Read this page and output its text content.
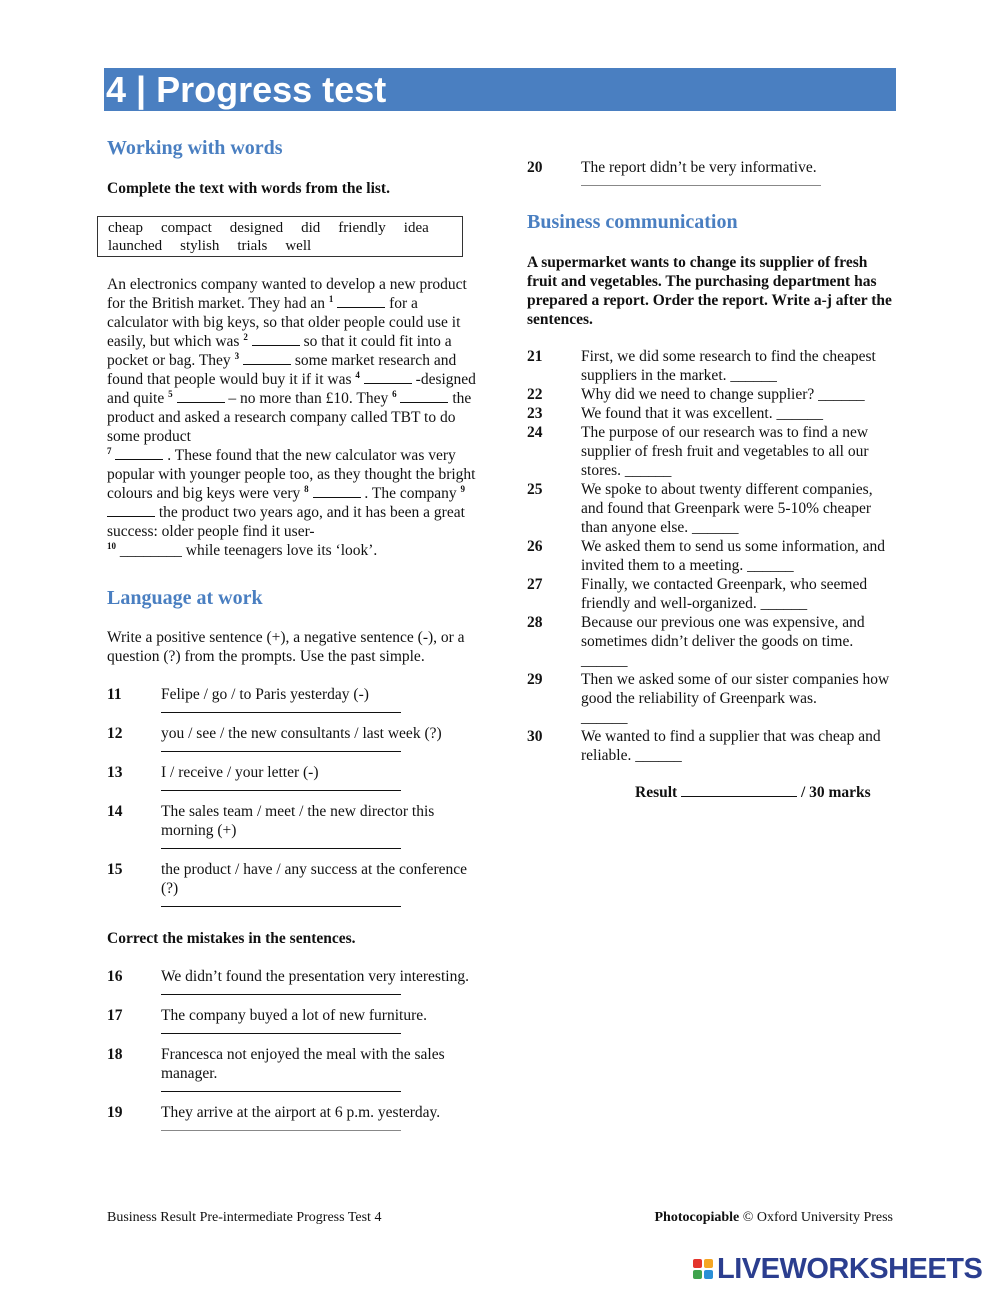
4 | Progress test
Working with words

Complete the text with words from the list.

cheap compact designed did friendly idea
launched stylish trials well

An electronics company wanted to develop a new product for the British market. They had an $^1$	for a calculator with big keys, so that older people could use it easily, but which was $^2$	so that it could fit into a pocket or bag. They $^3$	some market research and found that people would buy it if it was $^4$	-designed and quite $^5$	– no more than £10. They $^6$	the product and asked a research company called TBT to do some product
$^7$	. These found that the new calculator was very popular with younger people too, as they thought the bright colours and big keys were very $^8$	. The company $^9$  the product two years ago, and it has been a great success: older people find it user-
$^{10}$ ________ while teenagers love its ‘look’.

Language at work

Write a positive sentence (+), a negative sentence (-), or a question (?) from the prompts. Use the past simple.

11	Felipe / go / to Paris yesterday (-)
12	you / see / the new consultants / last week (?)
13	I / receive / your letter (-)
14	The sales team / meet / the new director this morning (+)
15	the product / have / any success at the conference (?)

Correct the mistakes in the sentences.

16	We didn’t found the presentation very interesting.
17	The company buyed a lot of new furniture.
18	Francesca not enjoyed the meal with the sales manager.
19	They arrive at the airport at 6 p.m. yesterday.
20	The report didn’t be very informative.
Business communication

A supermarket wants to change its supplier of fresh fruit and vegetables. The purchasing department has prepared a report. Order the report. Write a-j after the sentences.

21	First, we did some research to find the cheapest suppliers in the market. ______
22	Why did we need to change supplier? ______
23	We found that it was excellent. ______
24	The purpose of our research was to find a new supplier of fresh fruit and vegetables to all our stores. ______
25	We spoke to about twenty different companies, and found that Greenpark were 5-10% cheaper than anyone else. ______
26	We asked them to send us some information, and invited them to a meeting. ______
27	Finally, we contacted Greenpark, who seemed friendly and well-organized. ______
28	Because our previous one was expensive, and sometimes didn’t deliver the goods on time.
______
29	Then we asked some of our sister companies how good the reliability of Greenpark was.
______
30	We wanted to find a supplier that was cheap and reliable. ______
Result	/ 30 marks
Business Result Pre-intermediate Progress Test 4	Photocopiable © Oxford University Press
LIVEWORKSHEETS
